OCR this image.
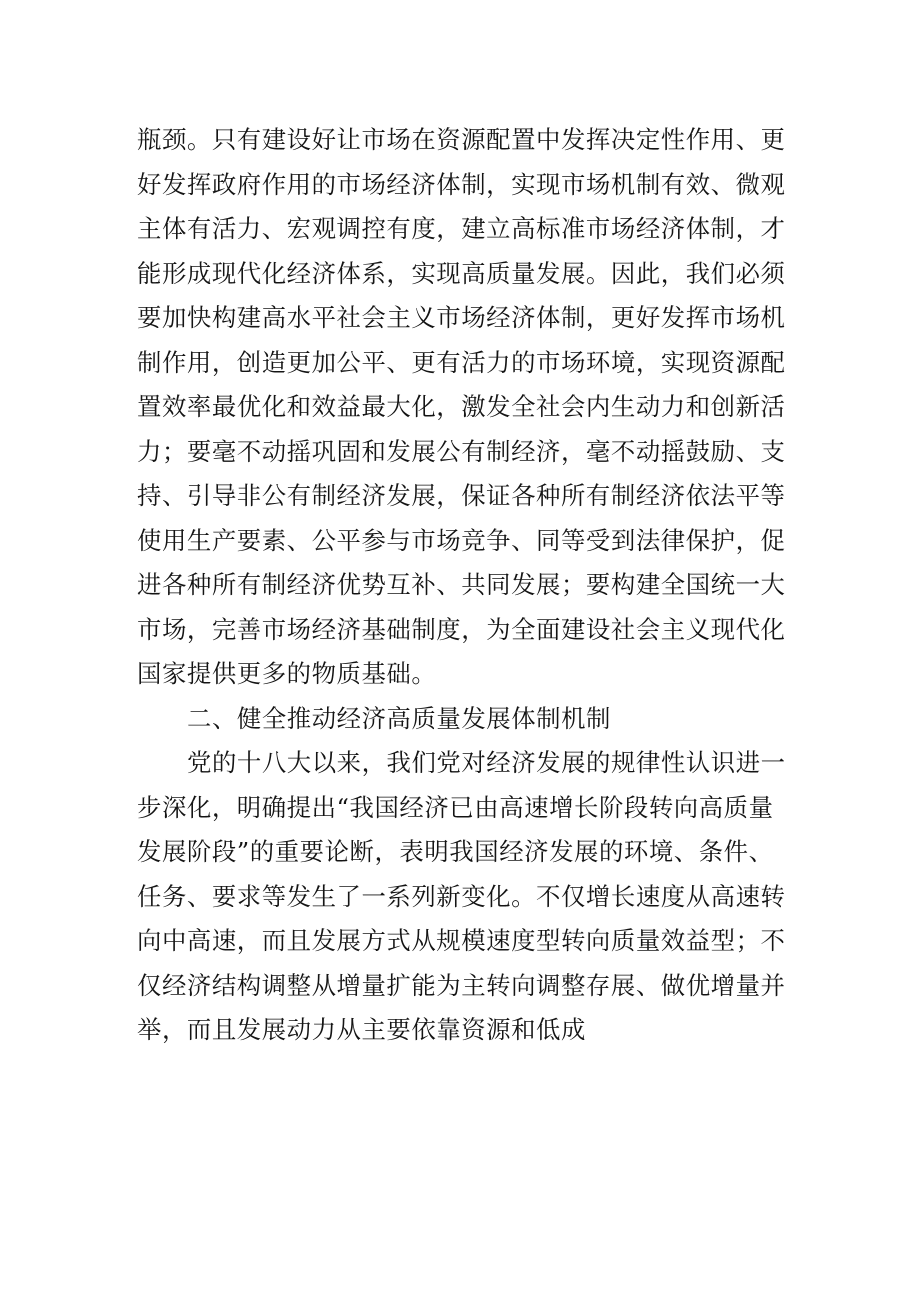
瓶颈。只有建设好让市场在资源配置中发挥决定性作用、更
好发挥政府作用的市场经济体制，实现市场机制有效、微观
主体有活力、宏观调控有度，建立高标准市场经济体制，才
能形成现代化经济体系，实现高质量发展。因此，我们必须
要加快构建高水平社会主义市场经济体制，更好发挥市场机
制作用，创造更加公平、更有活力的市场环境，实现资源配
置效率最优化和效益最大化，激发全社会内生动力和创新活
力；要毫不动摇巩固和发展公有制经济，毫不动摇鼓励、支
持、引导非公有制经济发展，保证各种所有制经济依法平等
使用生产要素、公平参与市场竞争、同等受到法律保护，促
进各种所有制经济优势互补、共同发展；要构建全国统一大
市场，完善市场经济基础制度，为全面建设社会主义现代化
国家提供更多的物质基础。
二、健全推动经济高质量发展体制机制
党的十八大以来，我们党对经济发展的规律性认识进一
步深化，明确提出“我国经济已由高速增长阶段转向高质量
发展阶段”的重要论断，表明我国经济发展的环境、条件、
任务、要求等发生了一系列新变化。不仅增长速度从高速转
向中高速，而且发展方式从规模速度型转向质量效益型；不
仅经济结构调整从增量扩能为主转向调整存展、做优增量并
举，而且发展动力从主要依靠资源和低成
